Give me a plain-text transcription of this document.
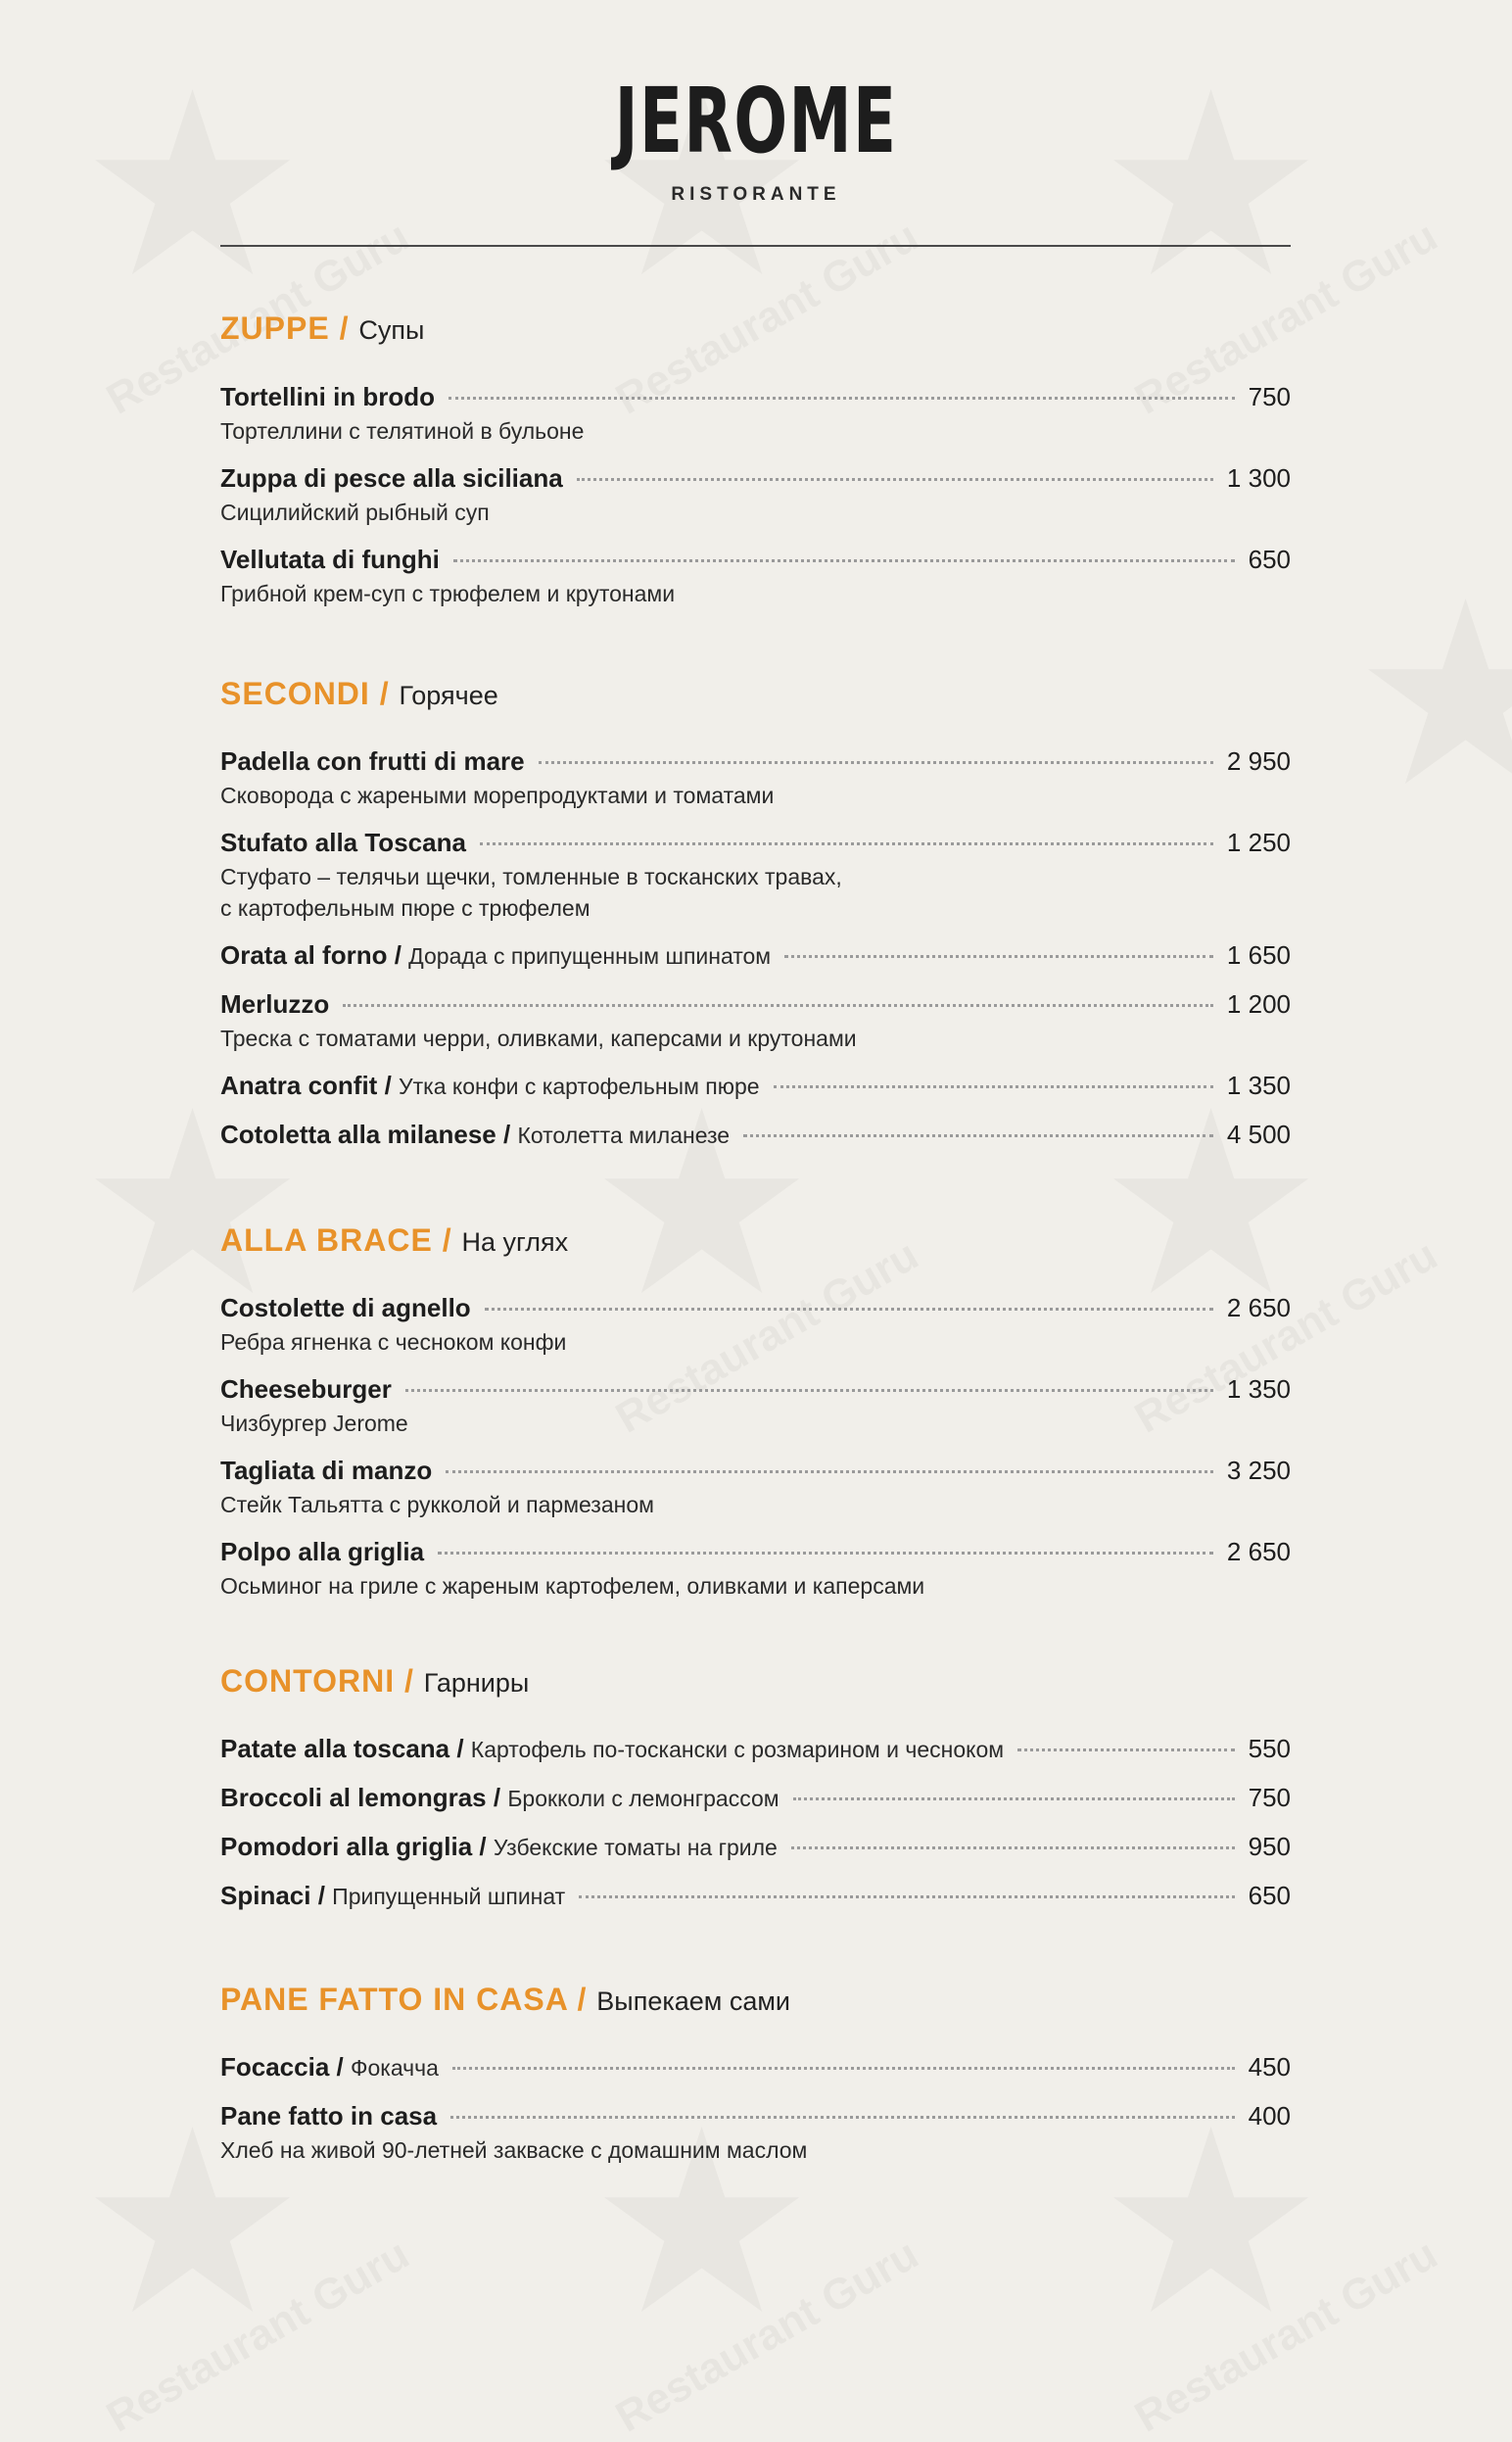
JEROME
RISTORANTE
ZUPPE / Супы
Tortellini in brodo	750
Тортеллини с телятиной в бульоне
Zuppa di pesce alla siciliana	1 300
Сицилийский рыбный суп
Vellutata di funghi	650
Грибной крем-суп с трюфелем и крутонами
SECONDI / Горячее
Padella con frutti di mare	2 950
Сковорода с жареными морепродуктами и томатами
Stufato alla Toscana	1 250
Стуфато – телячьи щечки, томленные в тосканских травах,
с картофельным пюре с трюфелем
Orata al forno / Дорада с припущенным шпинатом	1 650
Merluzzo	1 200
Треска с томатами черри, оливками, каперсами и крутонами
Anatra confit / Утка конфи с картофельным пюре	1 350
Cotoletta alla milanese / Котолетта миланезе	4 500
ALLA BRACE / На углях
Costolette di agnello	2 650
Ребра ягненка с чесноком конфи
Cheeseburger	1 350
Чизбургер Jerome
Tagliata di manzo	3 250
Стейк Тальятта с рукколой и пармезаном
Polpo alla griglia	2 650
Осьминог на гриле с жареным картофелем, оливками и каперсами
CONTORNI / Гарниры
Patate alla toscana / Картофель по-тоскански с розмарином и чесноком	550
Broccoli al lemongras / Брокколи с лемонграссом	750
Pomodori alla griglia / Узбекские томаты на гриле	950
Spinaci / Припущенный шпинат	650
PANE FATTO IN CASA / Выпекаем сами
Focaccia / Фокачча	450
Pane fatto in casa	400
Хлеб на живой 90-летней закваске с домашним маслом
